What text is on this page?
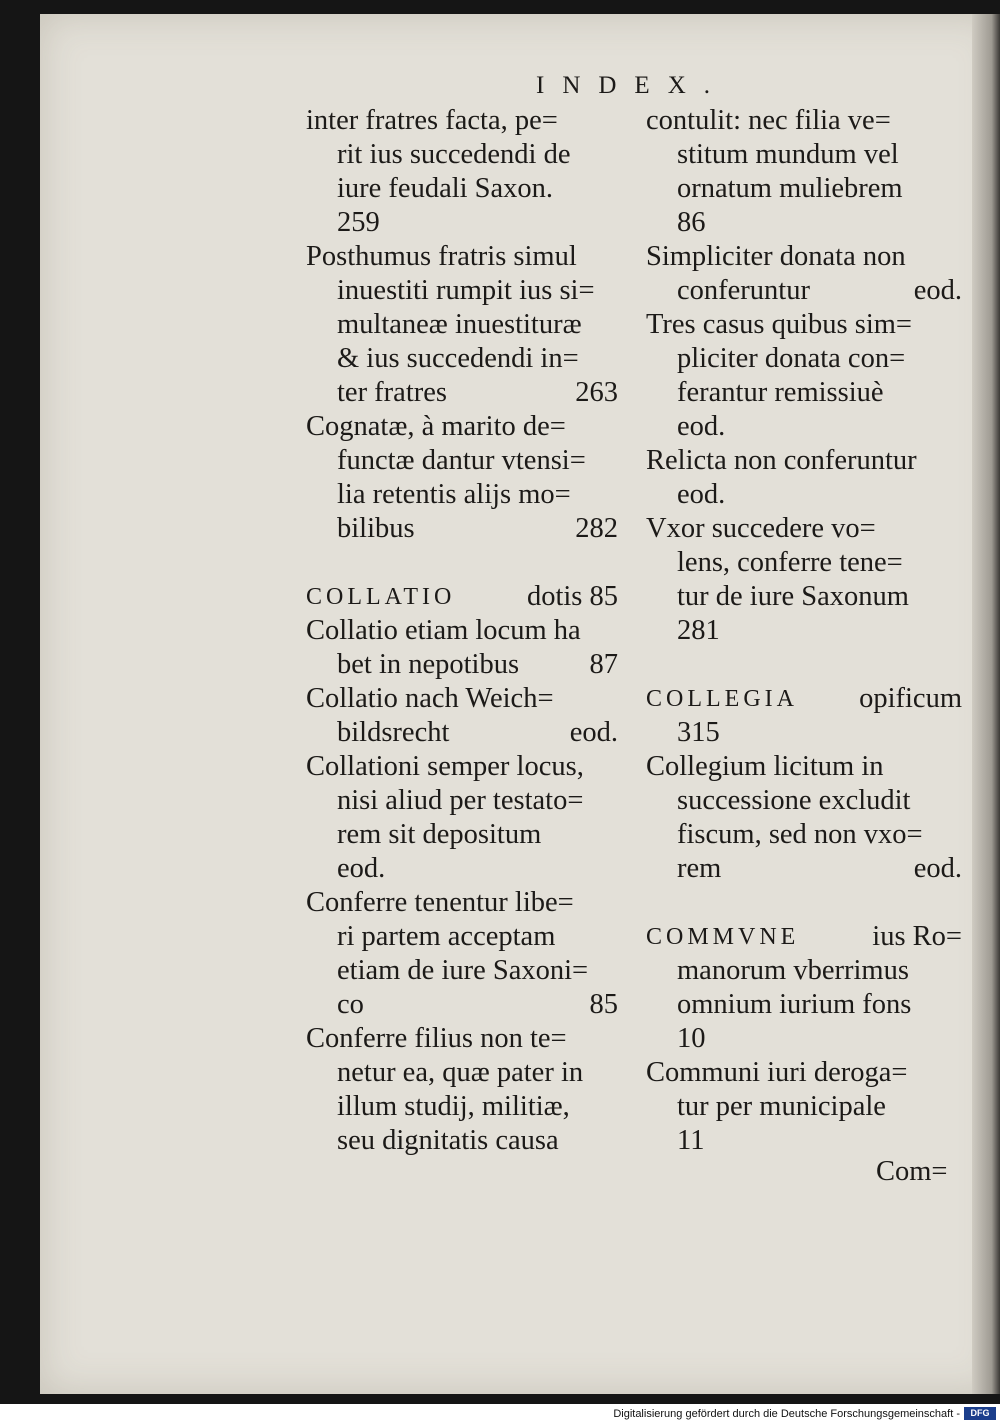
INDEX.
inter fratres facta, pe=
rit ius succedendi de
iure feudali Saxon.
259
Posthumus fratris simul
inuestiti rumpit ius si=
multaneæ inuestituræ
& ius succedendi in=
ter fratres	263
Cognatæ, à marito de=
functæ dantur vtensi=
lia retentis alijs mo=
bilibus	282
COLLATIO	dotis 85
Collatio etiam locum ha
bet in nepotibus 87
Collatio nach Weich=
bildsrecht	eod.
Collationi semper locus,
nisi aliud per testato=
rem sit depositum
eod.
Conferre tenentur libe=
ri partem acceptam
etiam de iure Saxoni=
co	85
Conferre filius non te=
netur ea, quæ pater in
illum studij, militiæ,
seu dignitatis causa
contulit: nec filia ve=
stitum mundum vel
ornatum muliebrem
86
Simpliciter donata non
conferuntur	eod.
Tres casus quibus sim=
pliciter donata con=
ferantur remissiuè
eod.
Relicta non conferuntur
eod.
Vxor succedere vo=
lens, conferre tene=
tur de iure Saxonum
281
COLLEGIA opificum
315
Collegium licitum in
successione excludit
fiscum, sed non vxo=
rem	eod.
COMMVNE	ius Ro=
manorum vberrimus
omnium iurium fons
10
Communi iuri deroga=
tur per municipale
11
Com=
Digitalisierung gefördert durch die Deutsche Forschungsgemeinschaft -	DFG
